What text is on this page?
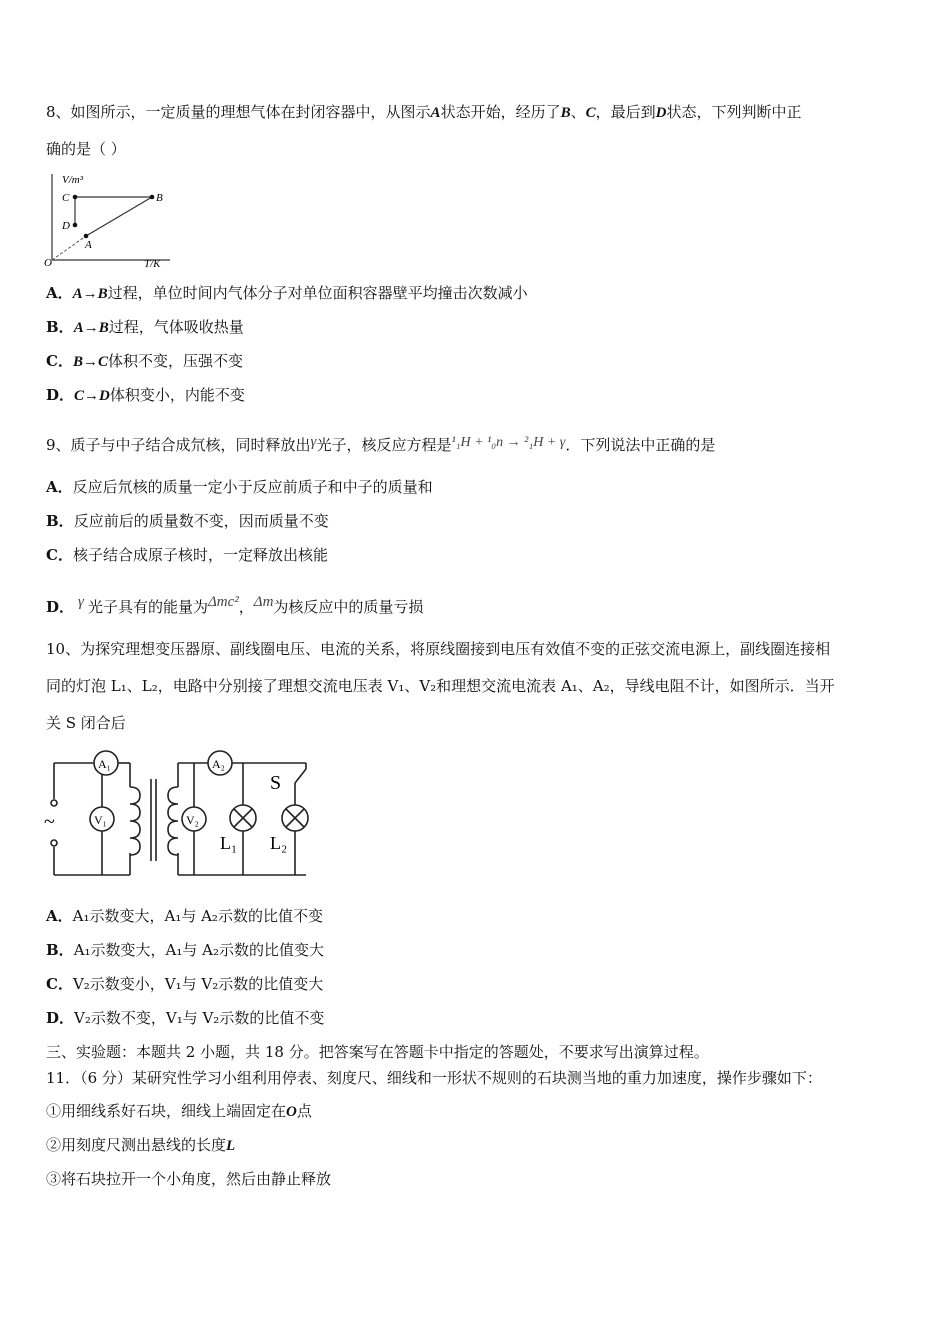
8、如图所示，一定质量的理想气体在封闭容器中，从图示A状态开始，经历了B、C，最后到D状态，下列判断中正
确的是（ ）
V/m³
T/K
O
C	B
D
A
A．A→B过程，单位时间内气体分子对单位面积容器壁平均撞击次数减小
B．A→B过程，气体吸收热量
C．B→C体积不变，压强不变
D．C→D体积变小，内能不变
9、质子与中子结合成氘核，同时释放出γ光子，核反应方程是¹₁H + ¹₀n → ²₁H + γ．下列说法中正确的是
A．反应后氘核的质量一定小于反应前质子和中子的质量和
B．反应前后的质量数不变，因而质量不变
C．核子结合成原子核时，一定释放出核能
D． γ 光子具有的能量为Δmc²，Δm为核反应中的质量亏损
10、为探究理想变压器原、副线圈电压、电流的关系，将原线圈接到电压有效值不变的正弦交流电源上，副线圈连接相
同的灯泡 L₁、L₂，电路中分别接了理想交流电压表 V₁、V₂和理想交流电流表 A₁、A₂，导线电阻不计，如图所示．当开
关 S 闭合后
~
A₁
V₁
A₂
V₂
S
L₁ L₂
A．A₁示数变大，A₁与 A₂示数的比值不变
B．A₁示数变大，A₁与 A₂示数的比值变大
C．V₂示数变小，V₁与 V₂示数的比值变大
D．V₂示数不变，V₁与 V₂示数的比值不变
三、实验题：本题共 2 小题，共 18 分。把答案写在答题卡中指定的答题处，不要求写出演算过程。
11．（6 分）某研究性学习小组利用停表、刻度尺、细线和一形状不规则的石块测当地的重力加速度，操作步骤如下：
①用细线系好石块，细线上端固定在O点
②用刻度尺测出悬线的长度L
③将石块拉开一个小角度，然后由静止释放
